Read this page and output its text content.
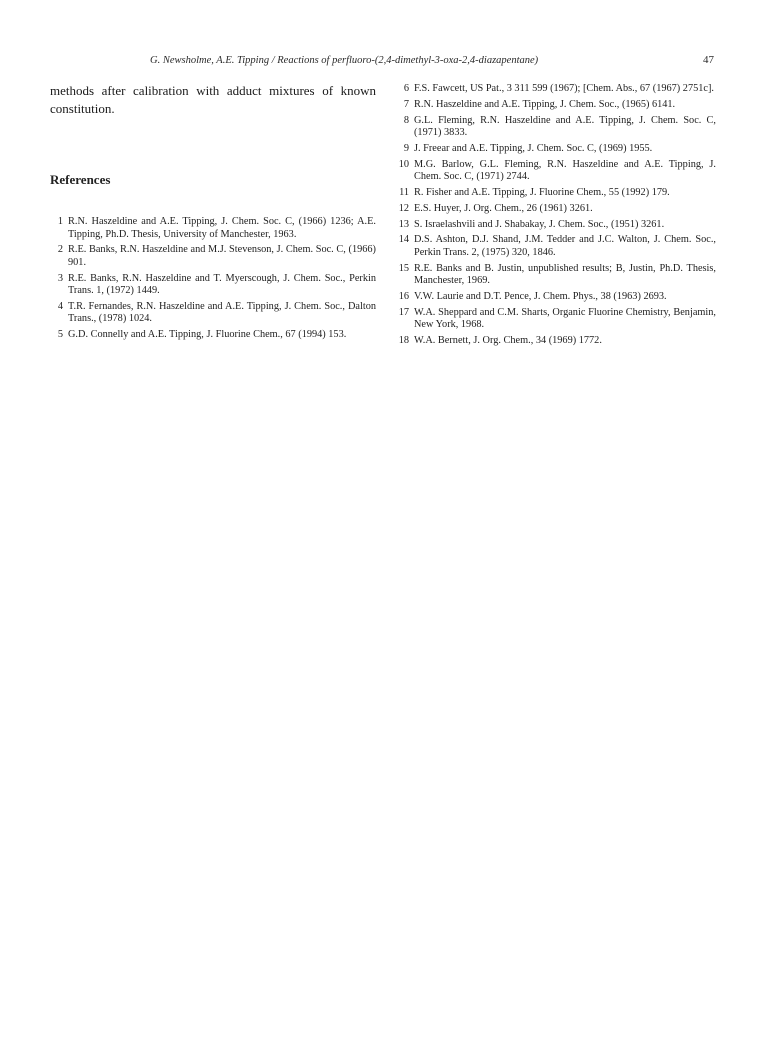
G. Newsholme, A.E. Tipping / Reactions of perfluoro-(2,4-dimethyl-3-oxa-2,4-diazapentane)	47

methods after calibration with adduct mixtures of known constitution.

References
1 R.N. Haszeldine and A.E. Tipping, J. Chem. Soc. C, (1966) 1236; A.E. Tipping, Ph.D. Thesis, University of Manchester, 1963.
2 R.E. Banks, R.N. Haszeldine and M.J. Stevenson, J. Chem. Soc. C, (1966) 901.
3 R.E. Banks, R.N. Haszeldine and T. Myerscough, J. Chem. Soc., Perkin Trans. 1, (1972) 1449.
4 T.R. Fernandes, R.N. Haszeldine and A.E. Tipping, J. Chem. Soc., Dalton Trans., (1978) 1024.
5 G.D. Connelly and A.E. Tipping, J. Fluorine Chem., 67 (1994) 153.
6 F.S. Fawcett, US Pat., 3 311 599 (1967); [Chem. Abs., 67 (1967) 2751c].
7 R.N. Haszeldine and A.E. Tipping, J. Chem. Soc., (1965) 6141.
8 G.L. Fleming, R.N. Haszeldine and A.E. Tipping, J. Chem. Soc. C, (1971) 3833.
9 J. Freear and A.E. Tipping, J. Chem. Soc. C, (1969) 1955.
10 M.G. Barlow, G.L. Fleming, R.N. Haszeldine and A.E. Tipping, J. Chem. Soc. C, (1971) 2744.
11 R. Fisher and A.E. Tipping, J. Fluorine Chem., 55 (1992) 179.
12 E.S. Huyer, J. Org. Chem., 26 (1961) 3261.
13 S. Israelashvili and J. Shabakay, J. Chem. Soc., (1951) 3261.
14 D.S. Ashton, D.J. Shand, J.M. Tedder and J.C. Walton, J. Chem. Soc., Perkin Trans. 2, (1975) 320, 1846.
15 R.E. Banks and B. Justin, unpublished results; B, Justin, Ph.D. Thesis, Manchester, 1969.
16 V.W. Laurie and D.T. Pence, J. Chem. Phys., 38 (1963) 2693.
17 W.A. Sheppard and C.M. Sharts, Organic Fluorine Chemistry, Benjamin, New York, 1968.
18 W.A. Bernett, J. Org. Chem., 34 (1969) 1772.
